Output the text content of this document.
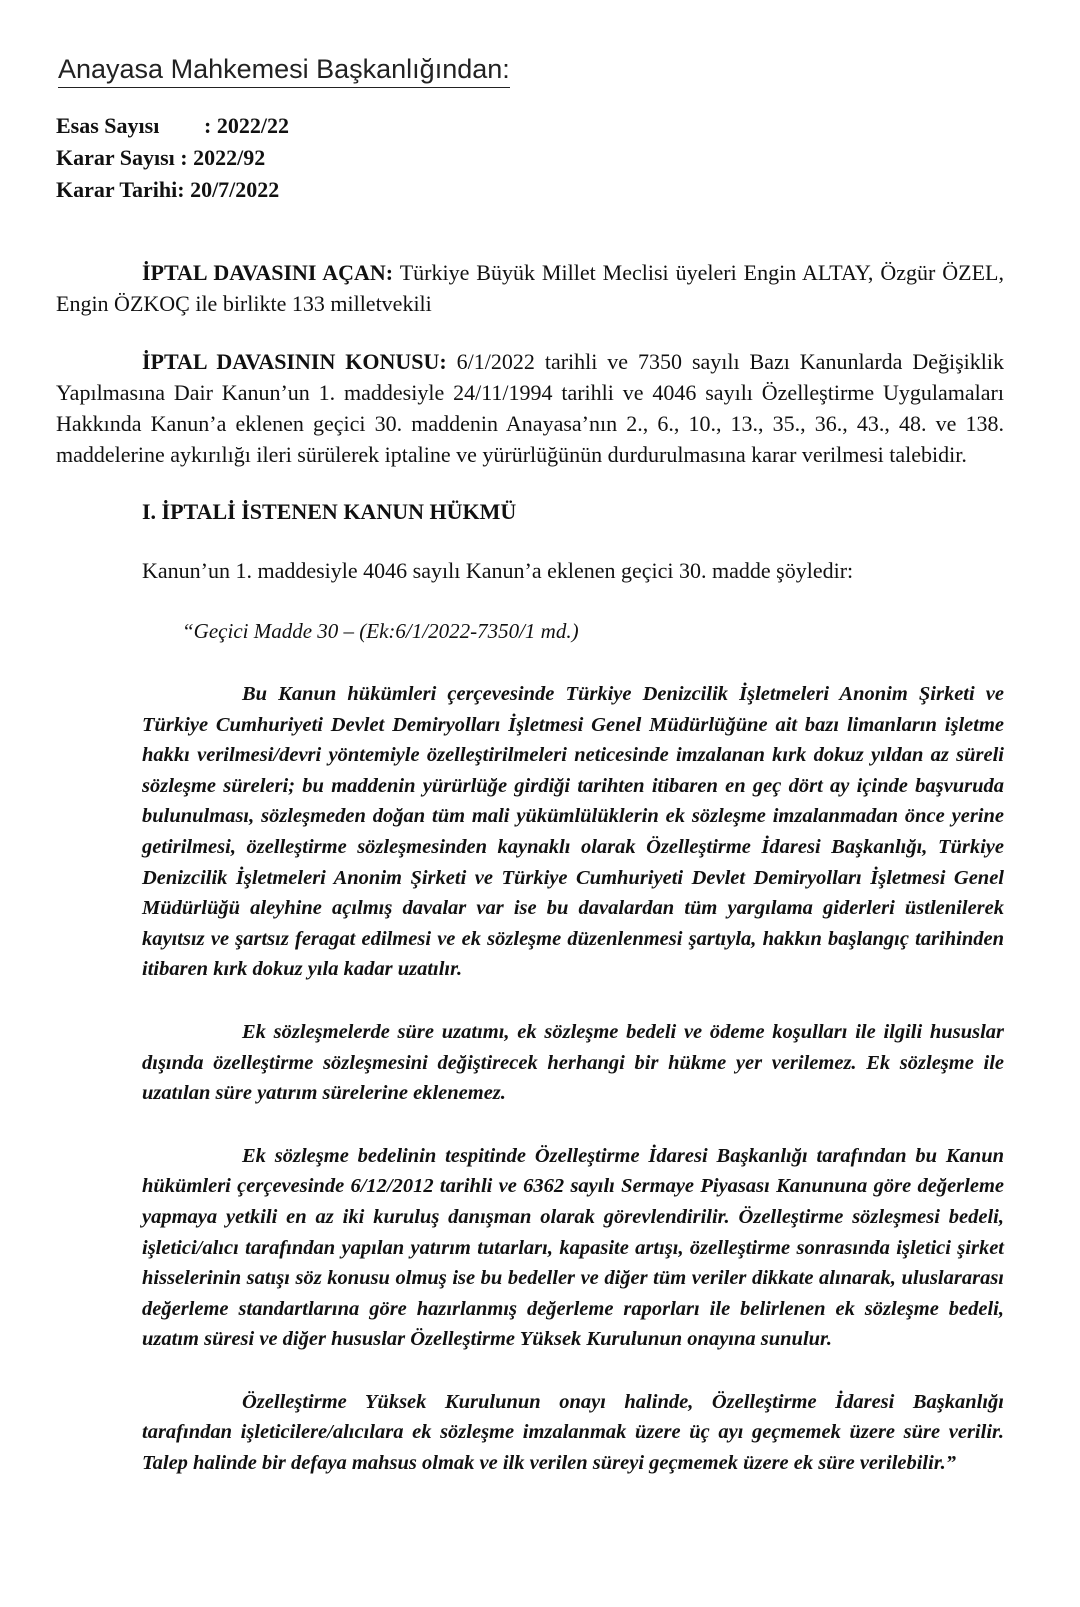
Anayasa Mahkemesi Başkanlığından:
Esas Sayısı : 2022/22
Karar Sayısı : 2022/92
Karar Tarihi: 20/7/2022

İPTAL DAVASINI AÇAN: Türkiye Büyük Millet Meclisi üyeleri Engin ALTAY, Özgür ÖZEL, Engin ÖZKOÇ ile birlikte 133 milletvekili

İPTAL DAVASININ KONUSU: 6/1/2022 tarihli ve 7350 sayılı Bazı Kanunlarda Değişiklik Yapılmasına Dair Kanun’un 1. maddesiyle 24/11/1994 tarihli ve 4046 sayılı Özelleştirme Uygulamaları Hakkında Kanun’a eklenen geçici 30. maddenin Anayasa’nın 2., 6., 10., 13., 35., 36., 43., 48. ve 138. maddelerine aykırılığı ileri sürülerek iptaline ve yürürlüğünün durdurulmasına karar verilmesi talebidir.

I. İPTALİ İSTENEN KANUN HÜKMÜ

Kanun’un 1. maddesiyle 4046 sayılı Kanun’a eklenen geçici 30. madde şöyledir:

“Geçici Madde 30 – (Ek:6/1/2022-7350/1 md.)

Bu Kanun hükümleri çerçevesinde Türkiye Denizcilik İşletmeleri Anonim Şirketi ve Türkiye Cumhuriyeti Devlet Demiryolları İşletmesi Genel Müdürlüğüne ait bazı limanların işletme hakkı verilmesi/devri yöntemiyle özelleştirilmeleri neticesinde imzalanan kırk dokuz yıldan az süreli sözleşme süreleri; bu maddenin yürürlüğe girdiği tarihten itibaren en geç dört ay içinde başvuruda bulunulması, sözleşmeden doğan tüm mali yükümlülüklerin ek sözleşme imzalanmadan önce yerine getirilmesi, özelleştirme sözleşmesinden kaynaklı olarak Özelleştirme İdaresi Başkanlığı, Türkiye Denizcilik İşletmeleri Anonim Şirketi ve Türkiye Cumhuriyeti Devlet Demiryolları İşletmesi Genel Müdürlüğü aleyhine açılmış davalar var ise bu davalardan tüm yargılama giderleri üstlenilerek kayıtsız ve şartsız feragat edilmesi ve ek sözleşme düzenlenmesi şartıyla, hakkın başlangıç tarihinden itibaren kırk dokuz yıla kadar uzatılır.

Ek sözleşmelerde süre uzatımı, ek sözleşme bedeli ve ödeme koşulları ile ilgili hususlar dışında özelleştirme sözleşmesini değiştirecek herhangi bir hükme yer verilemez. Ek sözleşme ile uzatılan süre yatırım sürelerine eklenemez.

Ek sözleşme bedelinin tespitinde Özelleştirme İdaresi Başkanlığı tarafından bu Kanun hükümleri çerçevesinde 6/12/2012 tarihli ve 6362 sayılı Sermaye Piyasası Kanununa göre değerleme yapmaya yetkili en az iki kuruluş danışman olarak görevlendirilir. Özelleştirme sözleşmesi bedeli, işletici/alıcı tarafından yapılan yatırım tutarları, kapasite artışı, özelleştirme sonrasında işletici şirket hisselerinin satışı söz konusu olmuş ise bu bedeller ve diğer tüm veriler dikkate alınarak, uluslararası değerleme standartlarına göre hazırlanmış değerleme raporları ile belirlenen ek sözleşme bedeli, uzatım süresi ve diğer hususlar Özelleştirme Yüksek Kurulunun onayına sunulur.

Özelleştirme Yüksek Kurulunun onayı halinde, Özelleştirme İdaresi Başkanlığı tarafından işleticilere/alıcılara ek sözleşme imzalanmak üzere üç ayı geçmemek üzere süre verilir. Talep halinde bir defaya mahsus olmak ve ilk verilen süreyi geçmemek üzere ek süre verilebilir.”
